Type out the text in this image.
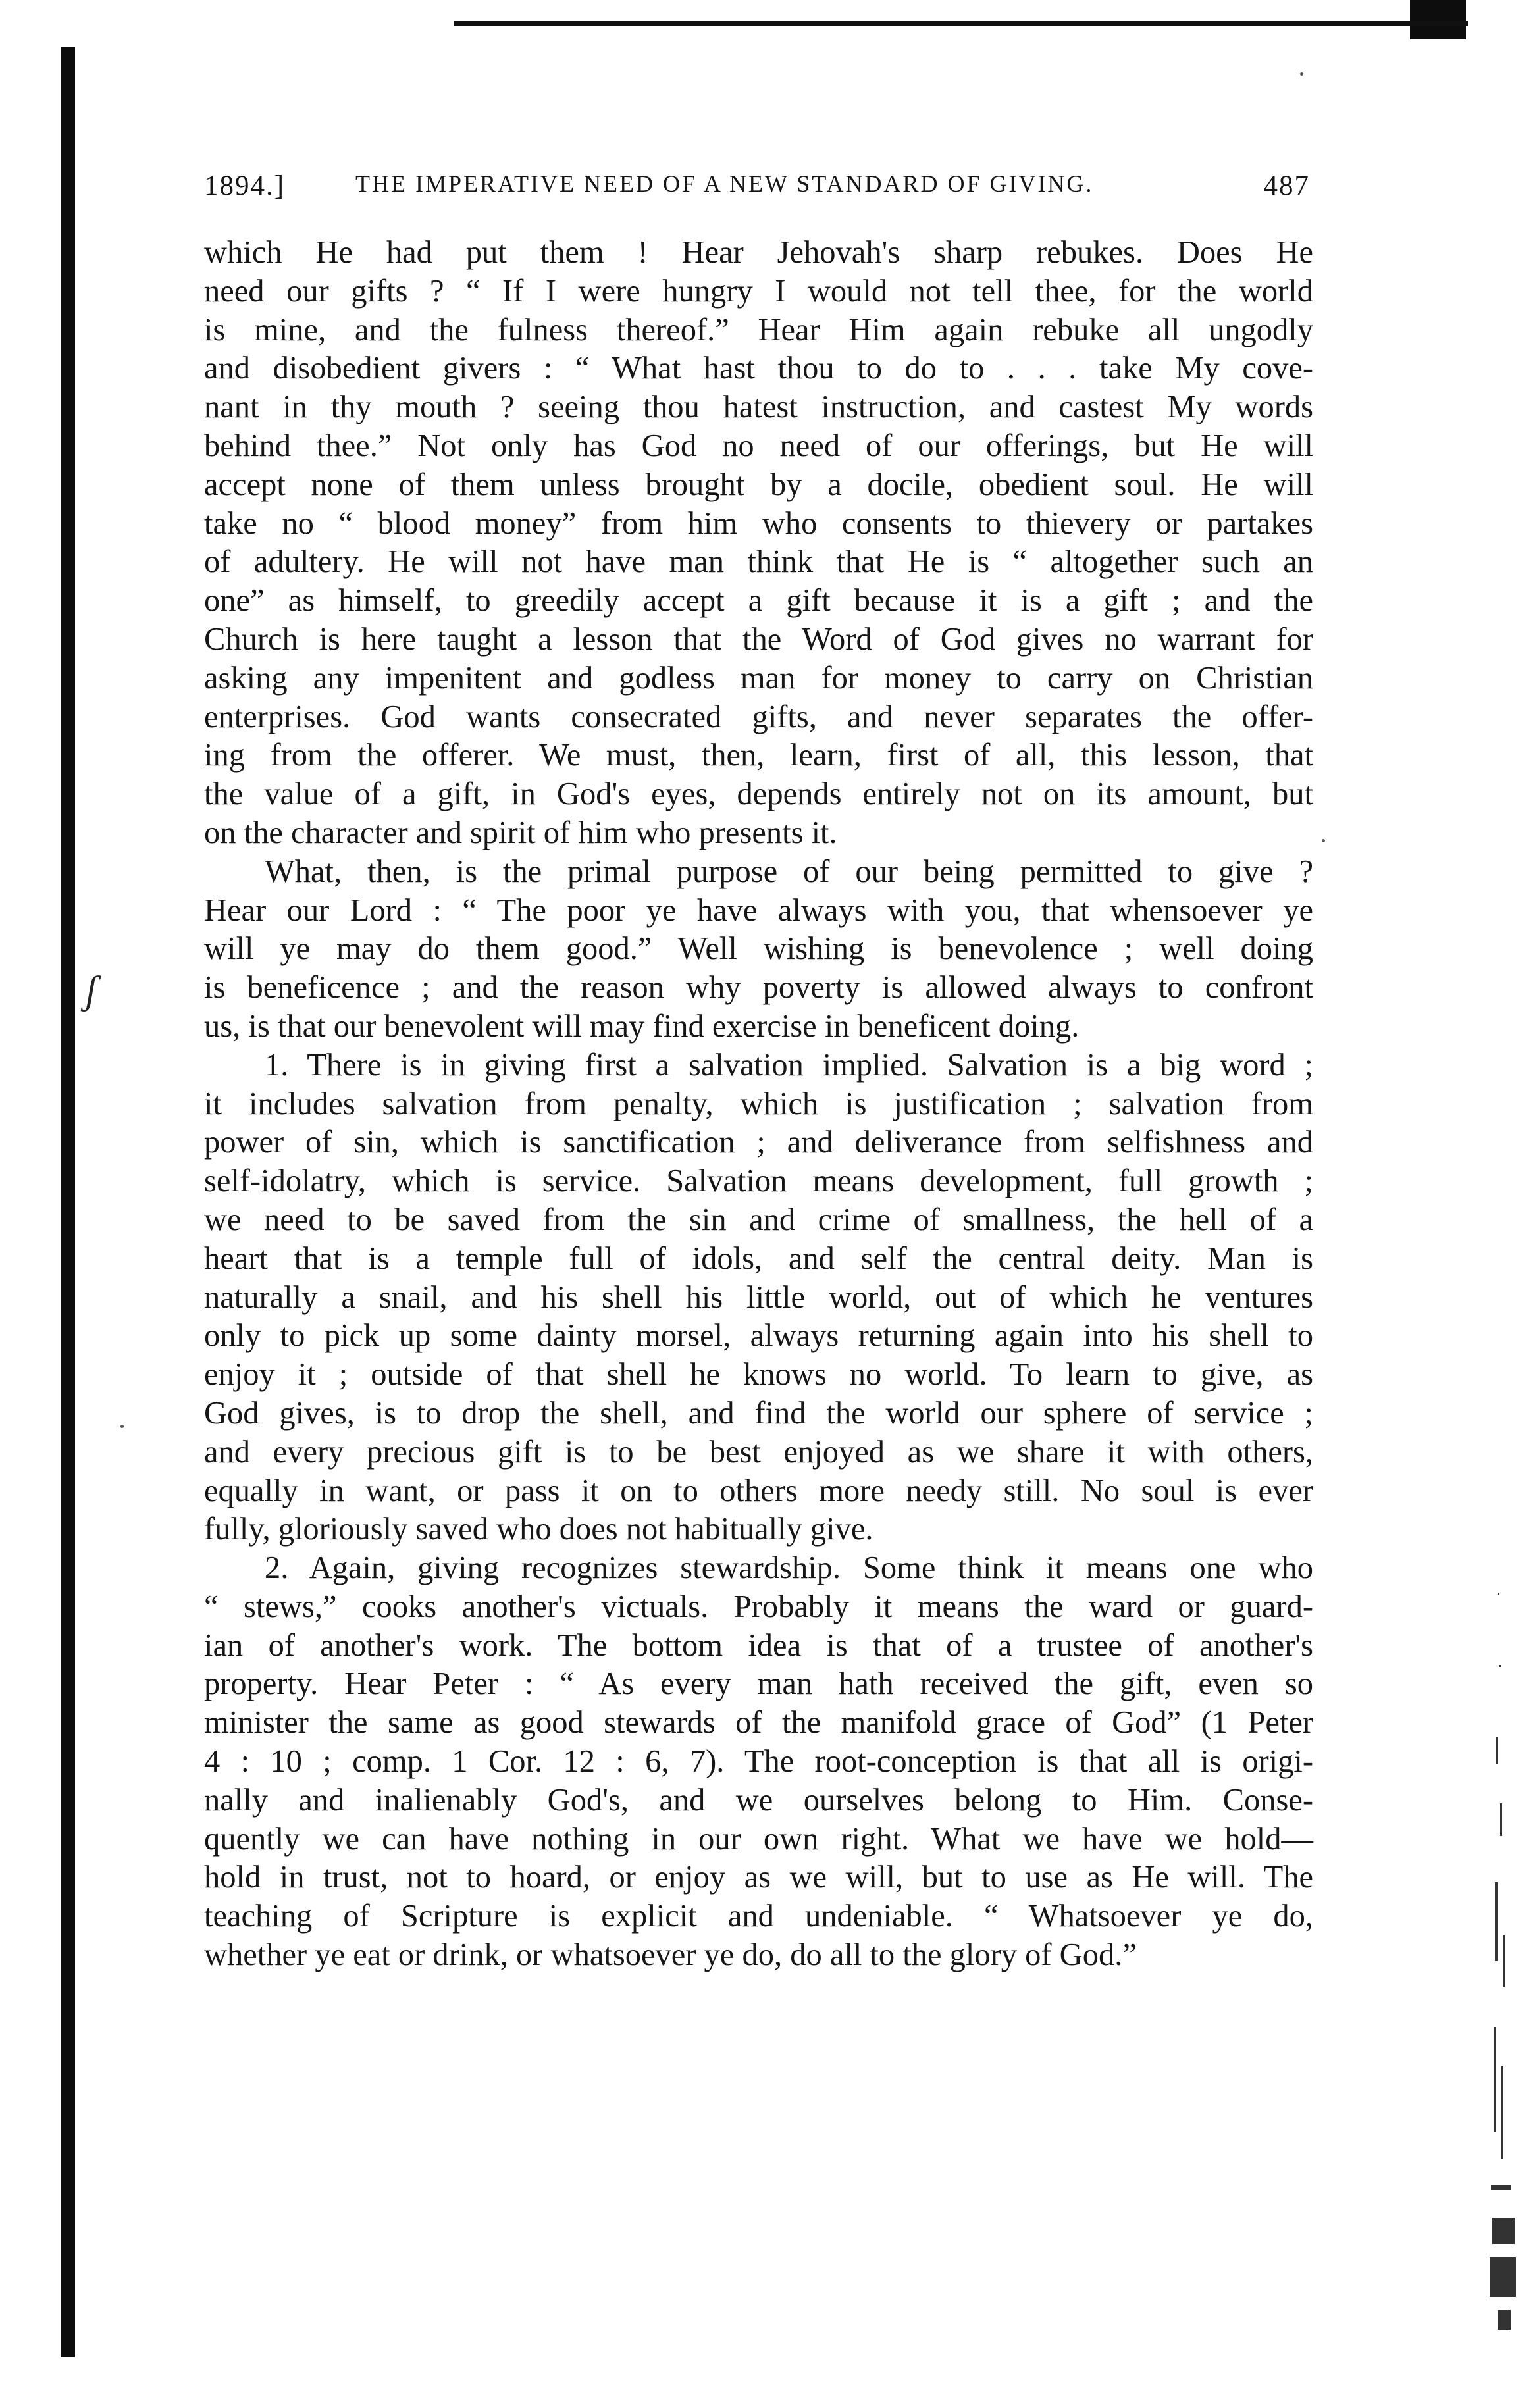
1894.]	THE IMPERATIVE NEED OF A NEW STANDARD OF GIVING.	487
which He had put them ! Hear Jehovah's sharp rebukes. Does He
need our gifts ? “ If I were hungry I would not tell thee, for the world
is mine, and the fulness thereof.” Hear Him again rebuke all ungodly
and disobedient givers : “ What hast thou to do to . . . take My cove-
nant in thy mouth ? seeing thou hatest instruction, and castest My words
behind thee.” Not only has God no need of our offerings, but He will
accept none of them unless brought by a docile, obedient soul. He will
take no “ blood money” from him who consents to thievery or partakes
of adultery. He will not have man think that He is “ altogether such an
one” as himself, to greedily accept a gift because it is a gift ; and the
Church is here taught a lesson that the Word of God gives no warrant for
asking any impenitent and godless man for money to carry on Christian
enterprises. God wants consecrated gifts, and never separates the offer-
ing from the offerer. We must, then, learn, first of all, this lesson, that
the value of a gift, in God's eyes, depends entirely not on its amount, but
on the character and spirit of him who presents it.
What, then, is the primal purpose of our being permitted to give ?
Hear our Lord : “ The poor ye have always with you, that whensoever ye
will ye may do them good.” Well wishing is benevolence ; well doing
is beneficence ; and the reason why poverty is allowed always to confront
us, is that our benevolent will may find exercise in beneficent doing.
1. There is in giving first a salvation implied. Salvation is a big word ;
it includes salvation from penalty, which is justification ; salvation from
power of sin, which is sanctification ; and deliverance from selfishness and
self-idolatry, which is service. Salvation means development, full growth ;
we need to be saved from the sin and crime of smallness, the hell of a
heart that is a temple full of idols, and self the central deity. Man is
naturally a snail, and his shell his little world, out of which he ventures
only to pick up some dainty morsel, always returning again into his shell to
enjoy it ; outside of that shell he knows no world. To learn to give, as
God gives, is to drop the shell, and find the world our sphere of service ;
and every precious gift is to be best enjoyed as we share it with others,
equally in want, or pass it on to others more needy still. No soul is ever
fully, gloriously saved who does not habitually give.
2. Again, giving recognizes stewardship. Some think it means one who
“ stews,” cooks another's victuals. Probably it means the ward or guard-
ian of another's work. The bottom idea is that of a trustee of another's
property. Hear Peter : “ As every man hath received the gift, even so
minister the same as good stewards of the manifold grace of God” (1 Peter
4 : 10 ; comp. 1 Cor. 12 : 6, 7). The root-conception is that all is origi-
nally and inalienably God's, and we ourselves belong to Him. Conse-
quently we can have nothing in our own right. What we have we hold—
hold in trust, not to hoard, or enjoy as we will, but to use as He will. The
teaching of Scripture is explicit and undeniable. “ Whatsoever ye do,
whether ye eat or drink, or whatsoever ye do, do all to the glory of God.”
ʃ
